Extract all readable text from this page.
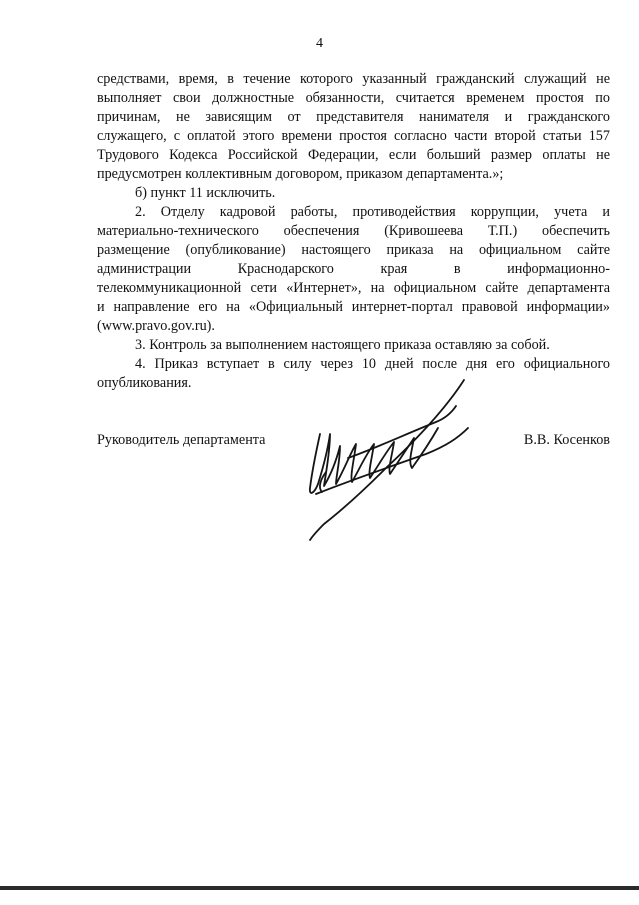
4

средствами, время, в течение которого указанный гражданский служащий не
выполняет свои должностные обязанности, считается временем простоя по
причинам, не зависящим от представителя нанимателя и гражданского
служащего, с оплатой этого времени простоя согласно части второй статьи 157
Трудового Кодекса Российской Федерации, если больший размер оплаты не
предусмотрен коллективным договором, приказом департамента.»;

б) пункт 11 исключить.

2. Отделу кадровой работы, противодействия коррупции, учета и
материально-технического обеспечения (Кривошеева Т.П.) обеспечить
размещение (опубликование) настоящего приказа на официальном сайте
администрации Краснодарского края в информационно-
телекоммуникационной сети «Интернет», на официальном сайте департамента
и направление его на «Официальный интернет-портал правовой информации»
(www.pravo.gov.ru).

3. Контроль за выполнением настоящего приказа оставляю за собой.

4. Приказ вступает в силу через 10 дней после дня его официального
опубликования.

Руководитель департамента	В.В. Косенков
